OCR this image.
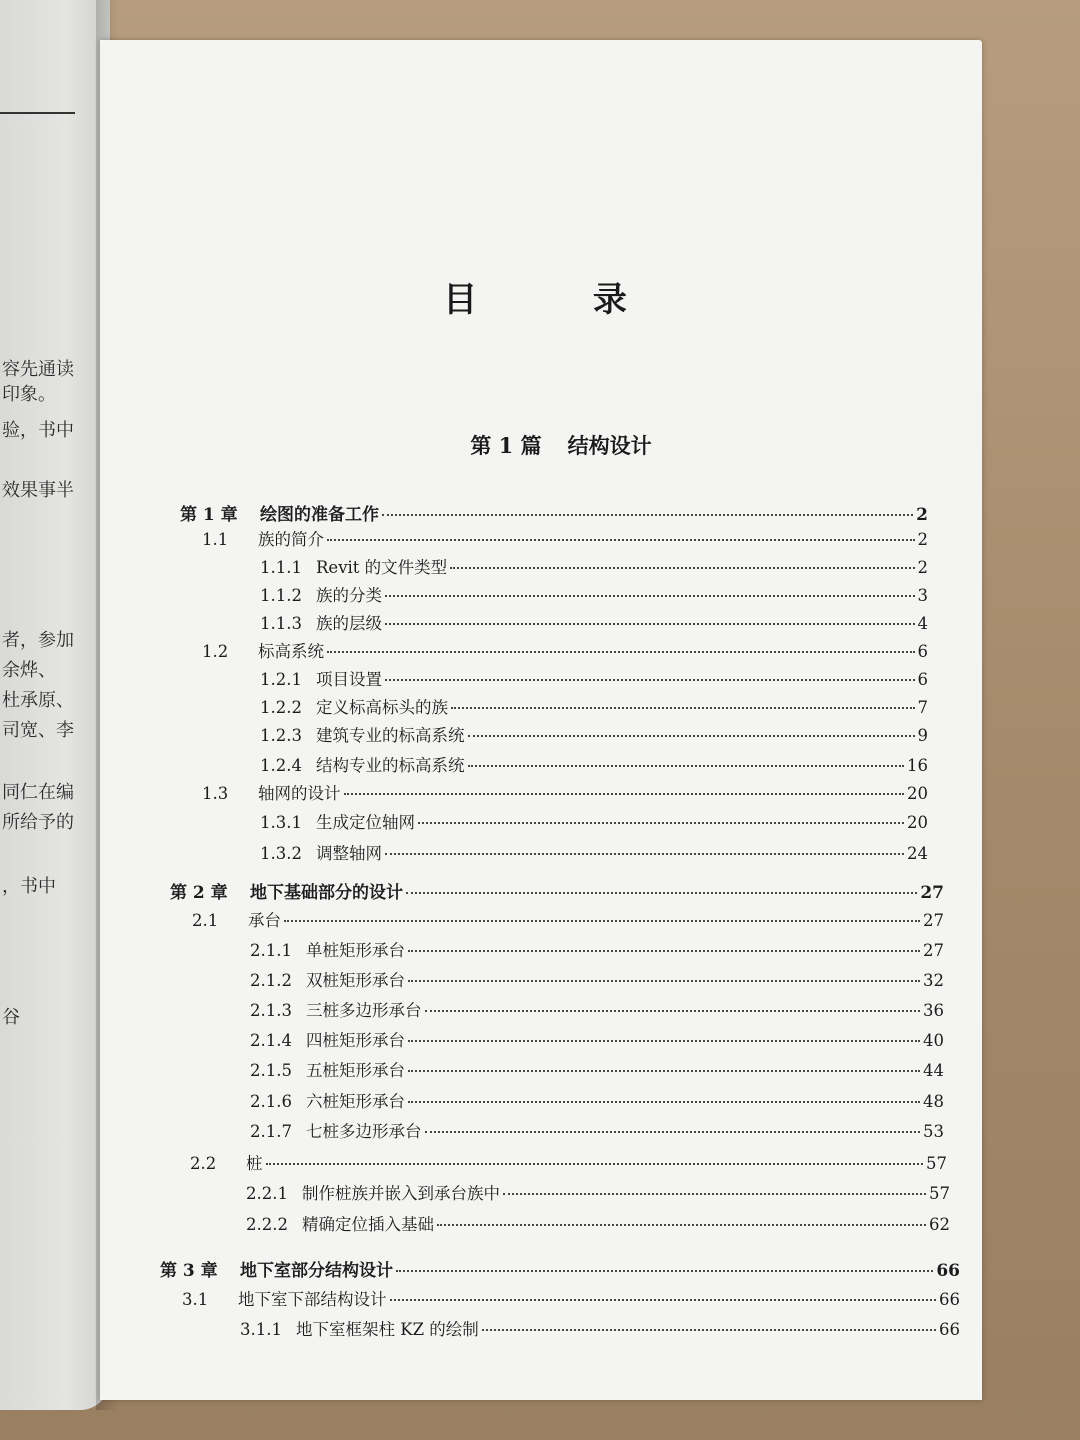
容先通读
印象。
验，书中
效果事半
者，参加
余烨、
杜承原、
司宽、李
同仁在编
所给予的
，书中
谷
目 录
第 1 篇 结构设计
第 1 章	绘图的准备工作	2
1.1	族的简介	2
1.1.1 Revit 的文件类型	2
1.1.2 族的分类	3
1.1.3 族的层级	4
1.2	标高系统	6
1.2.1 项目设置	6
1.2.2 定义标高标头的族	7
1.2.3 建筑专业的标高系统	9
1.2.4 结构专业的标高系统	16
1.3	轴网的设计	20
1.3.1 生成定位轴网	20
1.3.2 调整轴网	24
第 2 章	地下基础部分的设计	27
2.1	承台	27
2.1.1 单桩矩形承台	27
2.1.2 双桩矩形承台	32
2.1.3 三桩多边形承台	36
2.1.4 四桩矩形承台	40
2.1.5 五桩矩形承台	44
2.1.6 六桩矩形承台	48
2.1.7 七桩多边形承台	53
2.2	桩	57
2.2.1 制作桩族并嵌入到承台族中	57
2.2.2 精确定位插入基础	62
第 3 章	地下室部分结构设计	66
3.1	地下室下部结构设计	66
3.1.1 地下室框架柱 KZ 的绘制	66
